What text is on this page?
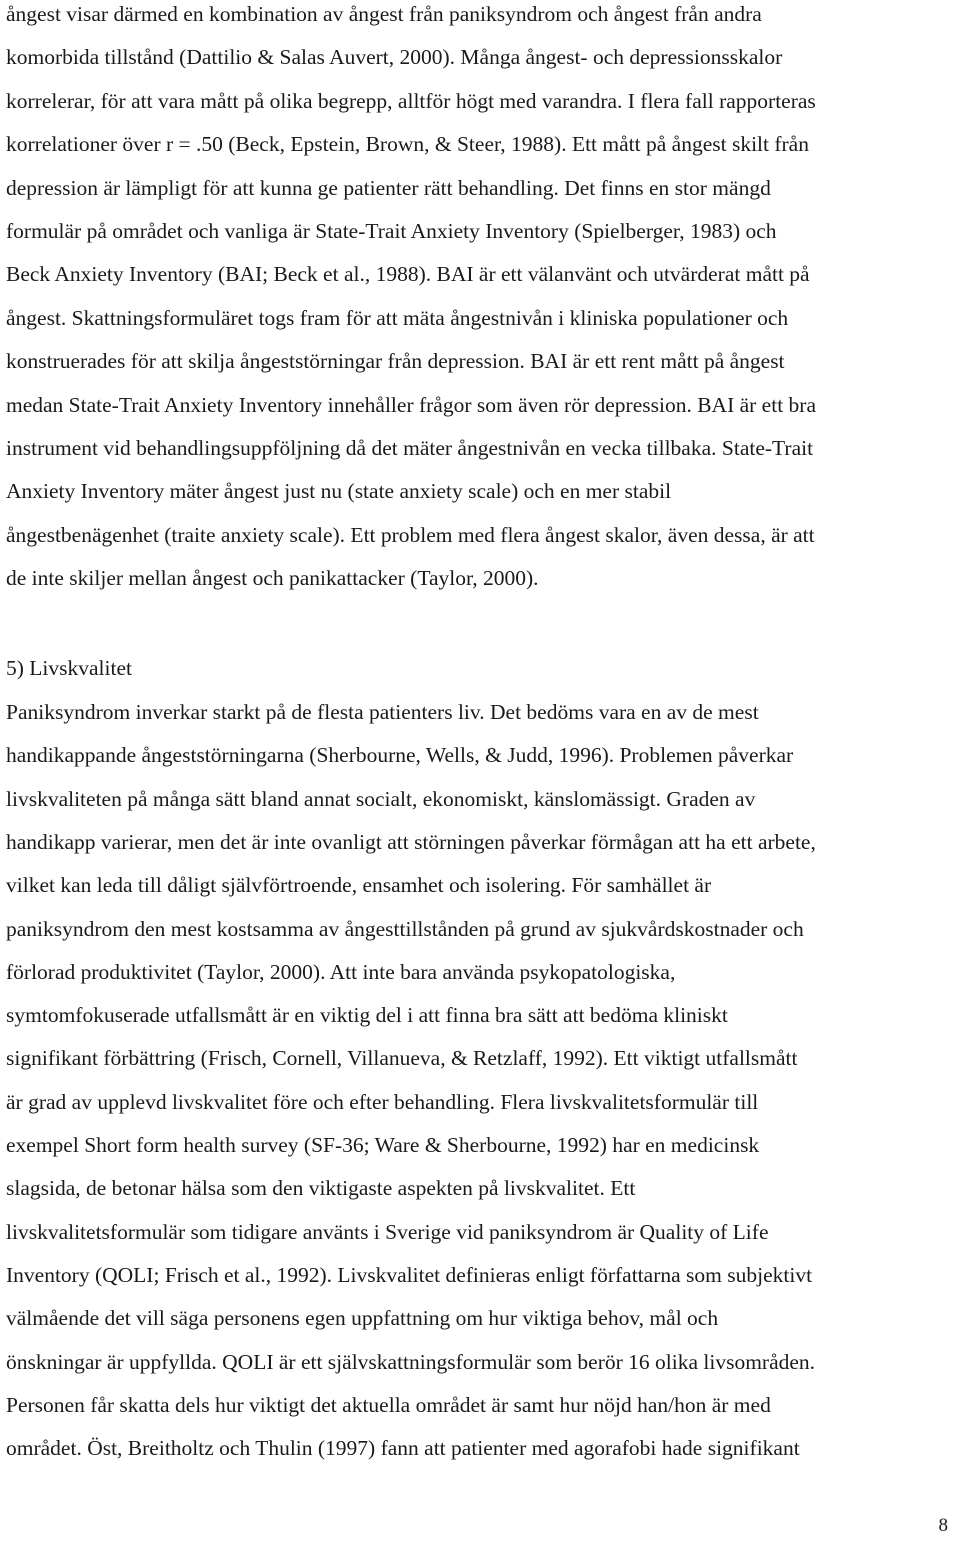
ångest visar därmed en kombination av ångest från paniksyndrom och ångest från andra
komorbida tillstånd (Dattilio & Salas Auvert, 2000). Många ångest- och depressionsskalor
korrelerar, för att vara mått på olika begrepp, alltför högt med varandra. I flera fall rapporteras
korrelationer över r = .50 (Beck, Epstein, Brown, & Steer, 1988). Ett mått på ångest skilt från
depression är lämpligt för att kunna ge patienter rätt behandling. Det finns en stor mängd
formulär på området och vanliga är State-Trait Anxiety Inventory (Spielberger, 1983) och
Beck Anxiety Inventory (BAI; Beck et al., 1988). BAI är ett välanvänt och utvärderat mått på
ångest. Skattningsformuläret togs fram för att mäta ångestnivån i kliniska populationer och
konstruerades för att skilja ångeststörningar från depression. BAI är ett rent mått på ångest
medan State-Trait Anxiety Inventory innehåller frågor som även rör depression. BAI är ett bra
instrument vid behandlingsuppföljning då det mäter ångestnivån en vecka tillbaka. State-Trait
Anxiety Inventory mäter ångest just nu (state anxiety scale) och en mer stabil
ångestbenägenhet (traite anxiety scale). Ett problem med flera ångest skalor, även dessa, är att
de inte skiljer mellan ångest och panikattacker (Taylor, 2000).
5) Livskvalitet
Paniksyndrom inverkar starkt på de flesta patienters liv. Det bedöms vara en av de mest
handikappande ångeststörningarna (Sherbourne, Wells, & Judd, 1996). Problemen påverkar
livskvaliteten på många sätt bland annat socialt, ekonomiskt, känslomässigt. Graden av
handikapp varierar, men det är inte ovanligt att störningen påverkar förmågan att ha ett arbete,
vilket kan leda till dåligt självförtroende, ensamhet och isolering. För samhället är
paniksyndrom den mest kostsamma av ångesttillstånden på grund av sjukvårdskostnader och
förlorad produktivitet (Taylor, 2000). Att inte bara använda psykopatologiska,
symtomfokuserade utfallsmått är en viktig del i att finna bra sätt att bedöma kliniskt
signifikant förbättring (Frisch, Cornell, Villanueva, & Retzlaff, 1992). Ett viktigt utfallsmått
är grad av upplevd livskvalitet före och efter behandling. Flera livskvalitetsformulär till
exempel Short form health survey (SF-36; Ware & Sherbourne, 1992) har en medicinsk
slagsida, de betonar hälsa som den viktigaste aspekten på livskvalitet. Ett
livskvalitetsformulär som tidigare använts i Sverige vid paniksyndrom är Quality of Life
Inventory (QOLI; Frisch et al., 1992). Livskvalitet definieras enligt författarna som subjektivt
välmående det vill säga personens egen uppfattning om hur viktiga behov, mål och
önskningar är uppfyllda. QOLI är ett självskattningsformulär som berör 16 olika livsområden.
Personen får skatta dels hur viktigt det aktuella området är samt hur nöjd han/hon är med
området. Öst, Breitholtz och Thulin (1997) fann att patienter med agorafobi hade signifikant
8
